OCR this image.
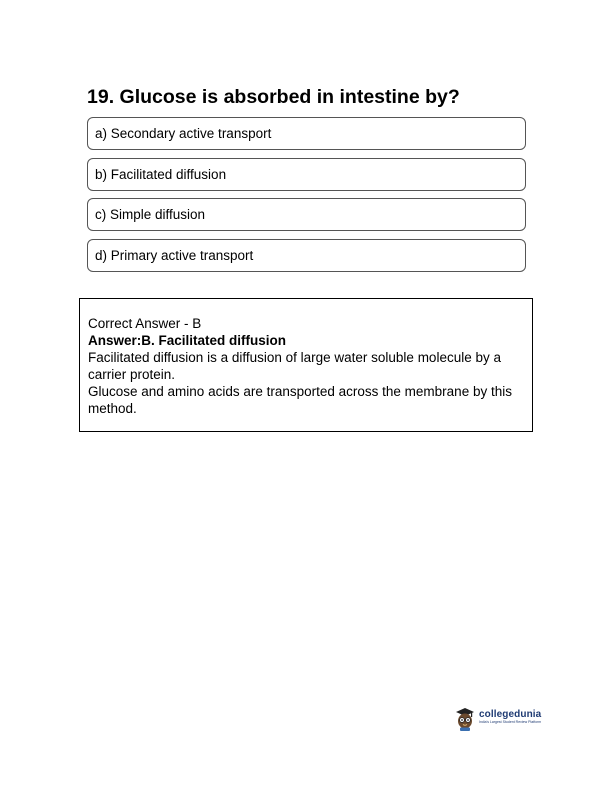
19. Glucose is absorbed in intestine by?
a) Secondary active transport
b) Facilitated diffusion
c) Simple diffusion
d) Primary active transport
Correct Answer - B
Answer:B. Facilitated diffusion
Facilitated diffusion is a diffusion of large water soluble molecule by a carrier protein.
Glucose and amino acids are transported across the membrane by this method.
collegedunia
India's Largest Student Review Platform
